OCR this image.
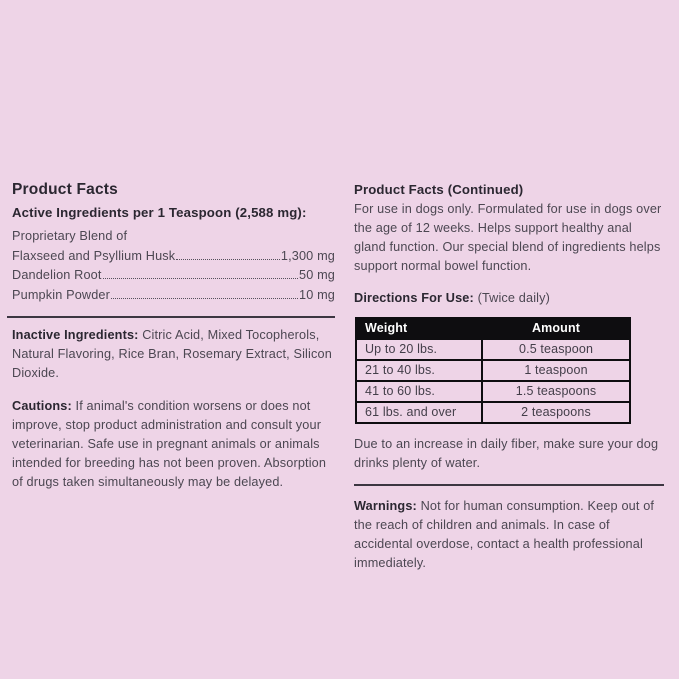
Product Facts
Active Ingredients per 1 Teaspoon (2,588 mg):
Proprietary Blend of
Flaxseed and Psyllium Husk	1,300 mg
Dandelion Root	50 mg
Pumpkin Powder	10 mg

Inactive Ingredients: Citric Acid, Mixed Tocopherols, Natural Flavoring, Rice Bran, Rosemary Extract, Silicon Dioxide.

Cautions: If animal's condition worsens or does not improve, stop product administration and consult your veterinarian. Safe use in pregnant animals or animals intended for breeding has not been proven. Absorption of drugs taken simultaneously may be delayed.

Product Facts (Continued)

For use in dogs only. Formulated for use in dogs over the age of 12 weeks. Helps support healthy anal gland function. Our special blend of ingredients helps support normal bowel function.

Directions For Use: (Twice daily)

Weight	Amount
Up to 20 lbs.	0.5 teaspoon
21 to 40 lbs.	1 teaspoon
41 to 60 lbs.	1.5 teaspoons
61 lbs. and over	2 teaspoons

Due to an increase in daily fiber, make sure your dog drinks plenty of water.

Warnings: Not for human consumption. Keep out of the reach of children and animals. In case of accidental overdose, contact a health professional immediately.
